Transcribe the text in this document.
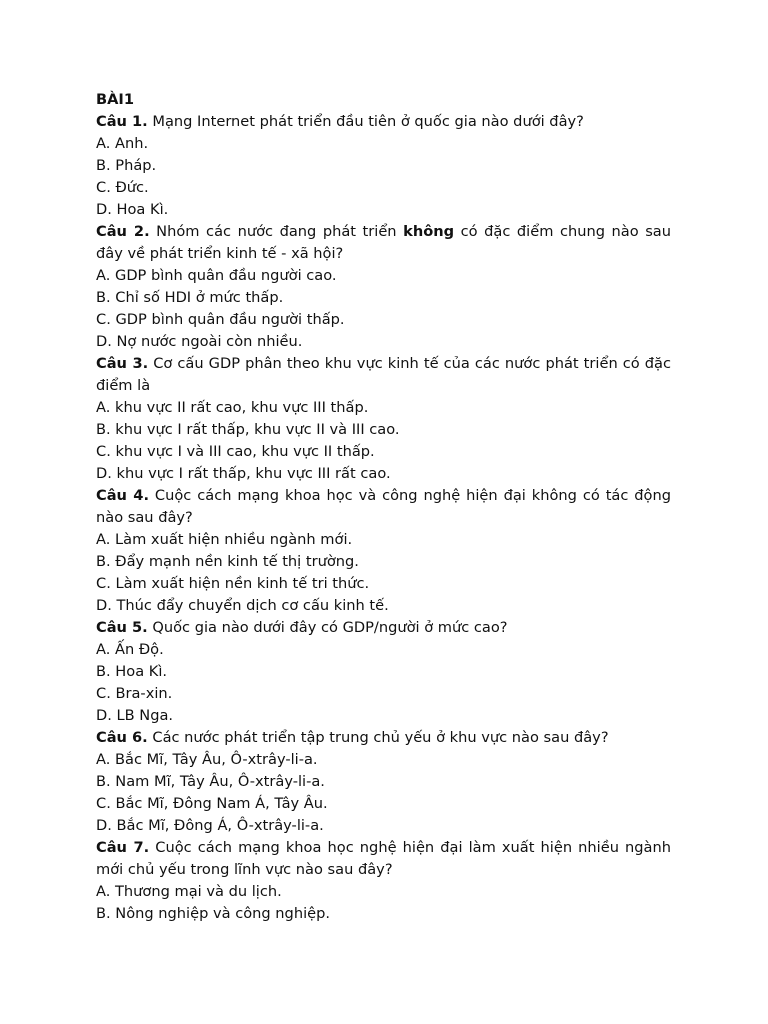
BÀI1
Câu 1. Mạng Internet phát triển đầu tiên ở quốc gia nào dưới đây?
A. Anh.
B. Pháp.
C. Đức.
D. Hoa Kì.
Câu 2. Nhóm các nước đang phát triển không có đặc điểm chung nào sau đây về phát triển kinh tế - xã hội?
A. GDP bình quân đầu người cao.
B. Chỉ số HDI ở mức thấp.
C. GDP bình quân đầu người thấp.
D. Nợ nước ngoài còn nhiều.
Câu 3. Cơ cấu GDP phân theo khu vực kinh tế của các nước phát triển có đặc điểm là
A. khu vực II rất cao, khu vực III thấp.
B. khu vực I rất thấp, khu vực II và III cao.
C. khu vực I và III cao, khu vực II thấp.
D. khu vực I rất thấp, khu vực III rất cao.
Câu 4. Cuộc cách mạng khoa học và công nghệ hiện đại không có tác động nào sau đây?
A. Làm xuất hiện nhiều ngành mới.
B. Đẩy mạnh nền kinh tế thị trường.
C. Làm xuất hiện nền kinh tế tri thức.
D. Thúc đẩy chuyển dịch cơ cấu kinh tế.
Câu 5. Quốc gia nào dưới đây có GDP/người ở mức cao?
A. Ấn Độ.
B. Hoa Kì.
C. Bra-xin.
D. LB Nga.
Câu 6. Các nước phát triển tập trung chủ yếu ở khu vực nào sau đây?
A. Bắc Mĩ, Tây Âu, Ô-xtrây-li-a.
B. Nam Mĩ, Tây Âu, Ô-xtrây-li-a.
C. Bắc Mĩ, Đông Nam Á, Tây Âu.
D. Bắc Mĩ, Đông Á, Ô-xtrây-li-a.
Câu 7. Cuộc cách mạng khoa học nghệ hiện đại làm xuất hiện nhiều ngành mới chủ yếu trong lĩnh vực nào sau đây?
A. Thương mại và du lịch.
B. Nông nghiệp và công nghiệp.
